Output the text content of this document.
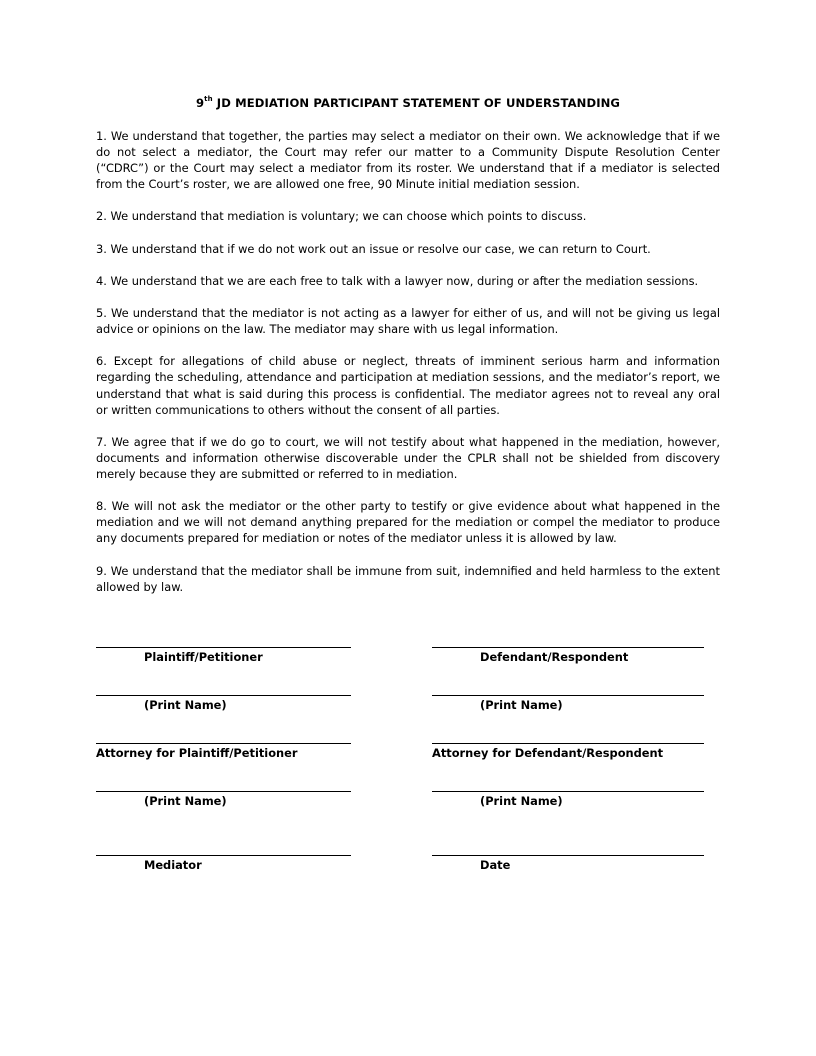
9th JD MEDIATION PARTICIPANT STATEMENT OF UNDERSTANDING

1. We understand that together, the parties may select a mediator on their own. We acknowledge that if we do not select a mediator, the Court may refer our matter to a Community Dispute Resolution Center (“CDRC”) or the Court may select a mediator from its roster. We understand that if a mediator is selected from the Court’s roster, we are allowed one free, 90 Minute initial mediation session.

2. We understand that mediation is voluntary; we can choose which points to discuss.

3. We understand that if we do not work out an issue or resolve our case, we can return to Court.

4. We understand that we are each free to talk with a lawyer now, during or after the mediation sessions.

5. We understand that the mediator is not acting as a lawyer for either of us, and will not be giving us legal advice or opinions on the law. The mediator may share with us legal information.

6. Except for allegations of child abuse or neglect, threats of imminent serious harm and information regarding the scheduling, attendance and participation at mediation sessions, and the mediator’s report, we understand that what is said during this process is confidential. The mediator agrees not to reveal any oral or written communications to others without the consent of all parties.

7. We agree that if we do go to court, we will not testify about what happened in the mediation, however, documents and information otherwise discoverable under the CPLR shall not be shielded from discovery merely because they are submitted or referred to in mediation.

8. We will not ask the mediator or the other party to testify or give evidence about what happened in the mediation and we will not demand anything prepared for the mediation or compel the mediator to produce any documents prepared for mediation or notes of the mediator unless it is allowed by law.

9. We understand that the mediator shall be immune from suit, indemnified and held harmless to the extent allowed by law.

Plaintiff/Petitioner	Defendant/Respondent
(Print Name)	(Print Name)
Attorney for Plaintiff/Petitioner	Attorney for Defendant/Respondent
(Print Name)	(Print Name)
Mediator	Date
